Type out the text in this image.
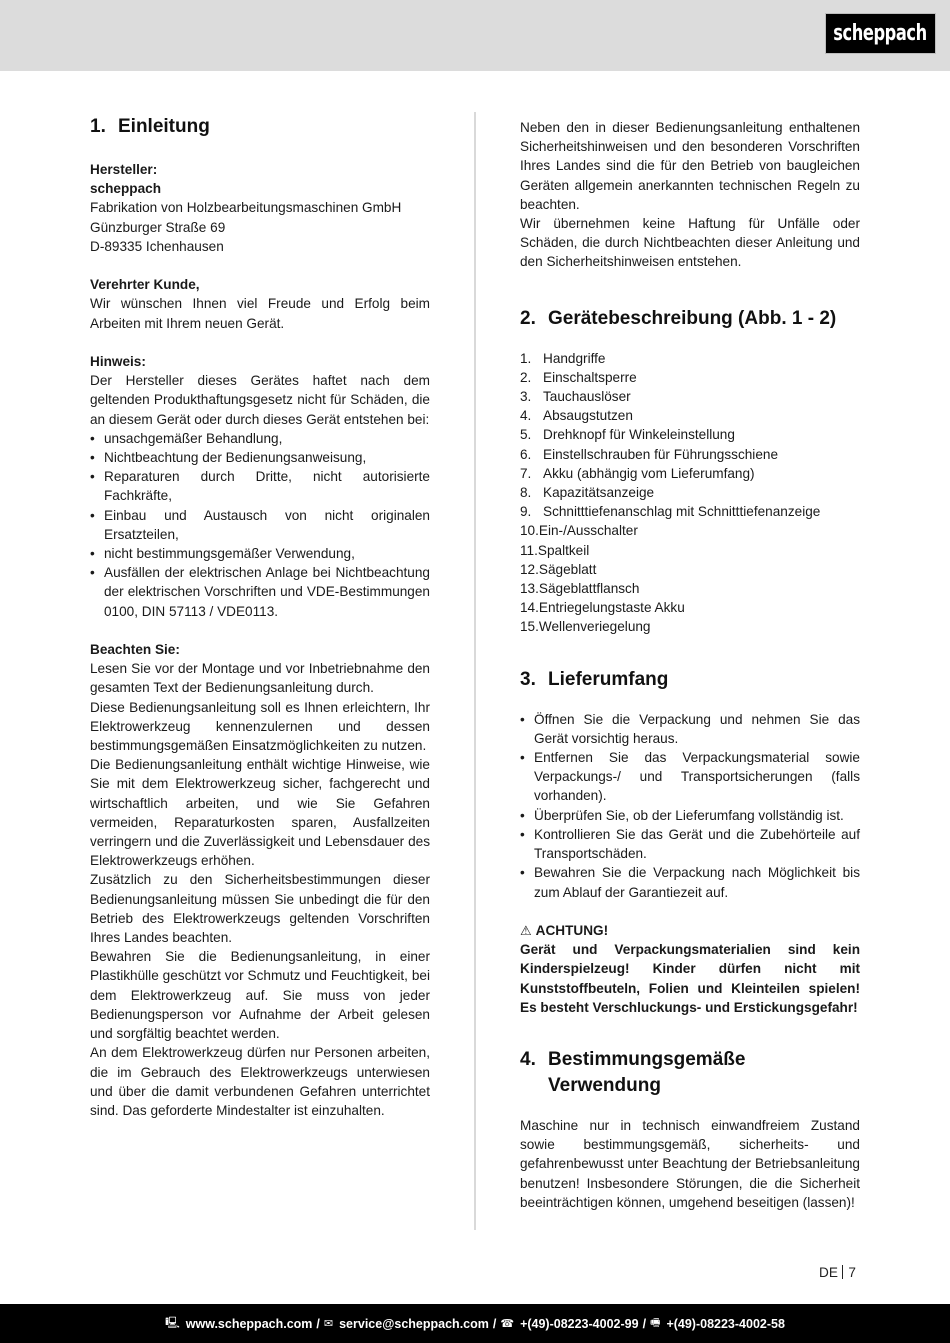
scheppach
1. Einleitung
Hersteller:
scheppach
Fabrikation von Holzbearbeitungsmaschinen GmbH
Günzburger Straße 69
D-89335 Ichenhausen
Verehrter Kunde,

Wir wünschen Ihnen viel Freude und Erfolg beim Arbeiten mit Ihrem neuen Gerät.

Hinweis:

Der Hersteller dieses Gerätes haftet nach dem geltenden Produkthaftungsgesetz nicht für Schäden, die an diesem Gerät oder durch dieses Gerät entstehen bei:

• unsachgemäßer Behandlung,
• Nichtbeachtung der Bedienungsanweisung,
• Reparaturen durch Dritte, nicht autorisierte Fachkräfte,
• Einbau und Austausch von nicht originalen Ersatzteilen,
• nicht bestimmungsgemäßer Verwendung,
• Ausfällen der elektrischen Anlage bei Nichtbeachtung der elektrischen Vorschriften und VDE-Bestimmungen 0100, DIN 57113 / VDE0113.
Beachten Sie:

Lesen Sie vor der Montage und vor Inbetriebnahme den gesamten Text der Bedienungsanleitung durch.

Diese Bedienungsanleitung soll es Ihnen erleichtern, Ihr Elektrowerkzeug kennenzulernen und dessen bestimmungsgemäßen Einsatzmöglichkeiten zu nutzen.

Die Bedienungsanleitung enthält wichtige Hinweise, wie Sie mit dem Elektrowerkzeug sicher, fachgerecht und wirtschaftlich arbeiten, und wie Sie Gefahren vermeiden, Reparaturkosten sparen, Ausfallzeiten verringern und die Zuverlässigkeit und Lebensdauer des Elektrowerkzeugs erhöhen.

Zusätzlich zu den Sicherheitsbestimmungen dieser Bedienungsanleitung müssen Sie unbedingt die für den Betrieb des Elektrowerkzeugs geltenden Vorschriften Ihres Landes beachten.

Bewahren Sie die Bedienungsanleitung, in einer Plastikhülle geschützt vor Schmutz und Feuchtigkeit, bei dem Elektrowerkzeug auf. Sie muss von jeder Bedienungsperson vor Aufnahme der Arbeit gelesen und sorgfältig beachtet werden.

An dem Elektrowerkzeug dürfen nur Personen arbeiten, die im Gebrauch des Elektrowerkzeugs unterwiesen und über die damit verbundenen Gefahren unterrichtet sind. Das geforderte Mindestalter ist einzuhalten.

Neben den in dieser Bedienungsanleitung enthaltenen Sicherheitshinweisen und den besonderen Vorschriften Ihres Landes sind die für den Betrieb von baugleichen Geräten allgemein anerkannten technischen Regeln zu beachten.

Wir übernehmen keine Haftung für Unfälle oder Schäden, die durch Nichtbeachten dieser Anleitung und den Sicherheitshinweisen entstehen.

2. Gerätebeschreibung (Abb. 1 - 2)
1. Handgriffe
2. Einschaltsperre
3. Tauchauslöser
4. Absaugstutzen
5. Drehknopf für Winkeleinstellung
6. Einstellschrauben für Führungsschiene
7. Akku (abhängig vom Lieferumfang)
8. Kapazitätsanzeige
9. Schnitttiefenanschlag mit Schnitttiefenanzeige
10. Ein-/Ausschalter
11. Spaltkeil
12. Sägeblatt
13. Sägeblattflansch
14. Entriegelungstaste Akku
15. Wellenveriegelung
3. Lieferumfang
• Öffnen Sie die Verpackung und nehmen Sie das Gerät vorsichtig heraus.
• Entfernen Sie das Verpackungsmaterial sowie Verpackungs-/ und Transportsicherungen (falls vorhanden).
• Überprüfen Sie, ob der Lieferumfang vollständig ist.
• Kontrollieren Sie das Gerät und die Zubehörteile auf Transportschäden.
• Bewahren Sie die Verpackung nach Möglichkeit bis zum Ablauf der Garantiezeit auf.
⚠ ACHTUNG!

Gerät und Verpackungsmaterialien sind kein Kinderspielzeug! Kinder dürfen nicht mit Kunststoffbeuteln, Folien und Kleinteilen spielen! Es besteht Verschluckungs- und Erstickungsgefahr!

4. Bestimmungsgemäße Verwendung

Maschine nur in technisch einwandfreiem Zustand sowie bestimmungsgemäß, sicherheits- und gefahrenbewusst unter Beachtung der Betriebsanleitung benutzen! Insbesondere Störungen, die die Sicherheit beeinträchtigen können, umgehend beseitigen (lassen)!

DE 7
🖳 www.scheppach.com / ✉ service@scheppach.com / ☎ +(49)-08223-4002-99 / 🖷 +(49)-08223-4002-58
